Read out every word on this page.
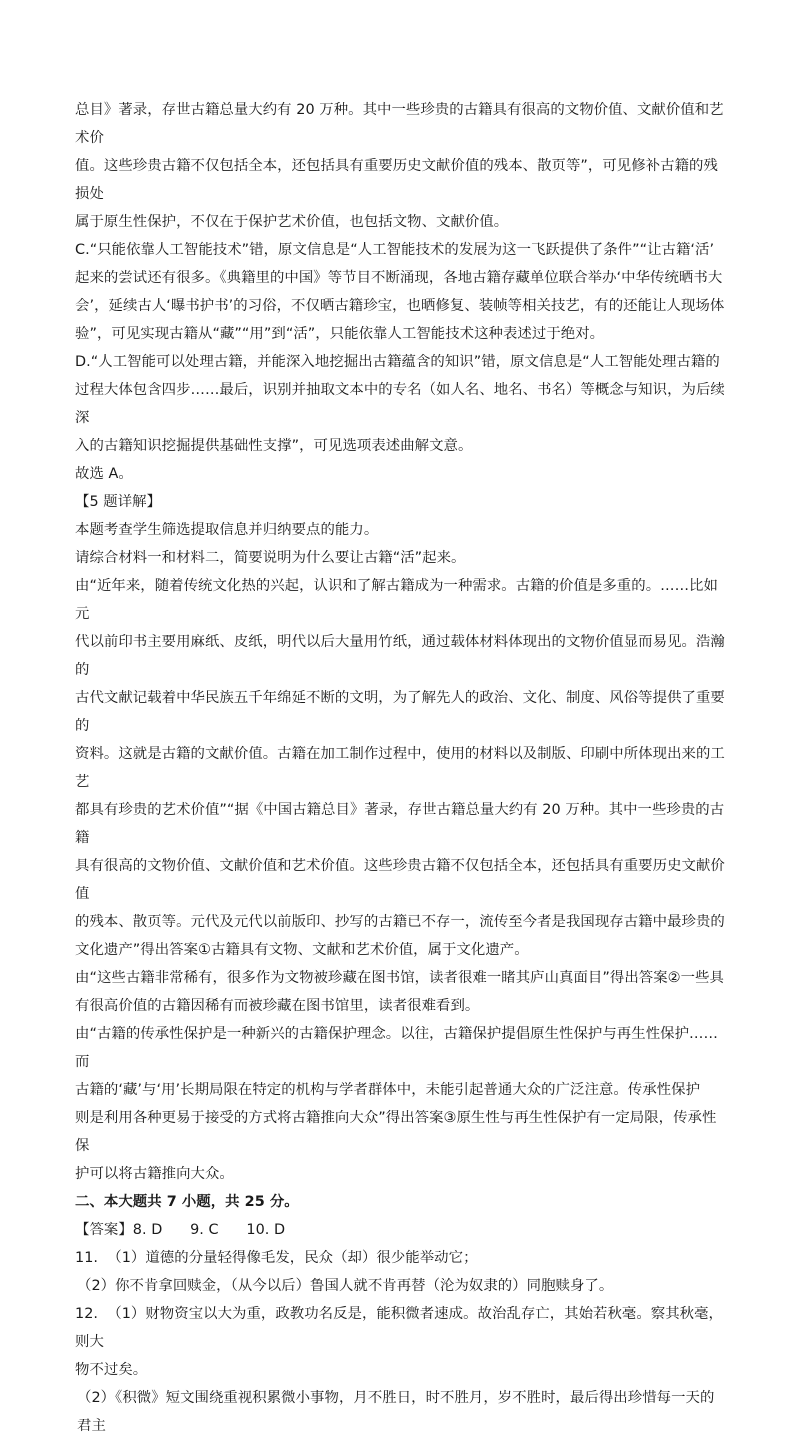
总目》著录，存世古籍总量大约有 20 万种。其中一些珍贵的古籍具有很高的文物价值、文献价值和艺术价

值。这些珍贵古籍不仅包括全本，还包括具有重要历史文献价值的残本、散页等”，可见修补古籍的残损处

属于原生性保护，不仅在于保护艺术价值，也包括文物、文献价值。

C.“只能依靠人工智能技术”错，原文信息是“人工智能技术的发展为这一飞跃提供了条件”“让古籍‘活’

起来的尝试还有很多。《典籍里的中国》等节目不断涌现，各地古籍存藏单位联合举办‘中华传统晒书大

会’，延续古人‘曝书护书’的习俗，不仅晒古籍珍宝，也晒修复、装帧等相关技艺，有的还能让人现场体

验”，可见实现古籍从“藏”“用”到“活”，只能依靠人工智能技术这种表述过于绝对。

D.“人工智能可以处理古籍，并能深入地挖掘出古籍蕴含的知识”错，原文信息是“人工智能处理古籍的

过程大体包含四步……最后，识别并抽取文本中的专名（如人名、地名、书名）等概念与知识，为后续深

入的古籍知识挖掘提供基础性支撑”，可见选项表述曲解文意。

故选 A。

【5 题详解】

本题考查学生筛选提取信息并归纳要点的能力。

请综合材料一和材料二，简要说明为什么要让古籍“活”起来。

由“近年来，随着传统文化热的兴起，认识和了解古籍成为一种需求。古籍的价值是多重的。……比如元

代以前印书主要用麻纸、皮纸，明代以后大量用竹纸，通过载体材料体现出的文物价值显而易见。浩瀚的

古代文献记载着中华民族五千年绵延不断的文明，为了解先人的政治、文化、制度、风俗等提供了重要的

资料。这就是古籍的文献价值。古籍在加工制作过程中，使用的材料以及制版、印刷中所体现出来的工艺

都具有珍贵的艺术价值”“据《中国古籍总目》著录，存世古籍总量大约有 20 万种。其中一些珍贵的古籍

具有很高的文物价值、文献价值和艺术价值。这些珍贵古籍不仅包括全本，还包括具有重要历史文献价值

的残本、散页等。元代及元代以前版印、抄写的古籍已不存一，流传至今者是我国现存古籍中最珍贵的

文化遗产”得出答案①古籍具有文物、文献和艺术价值，属于文化遗产。

由“这些古籍非常稀有，很多作为文物被珍藏在图书馆，读者很难一睹其庐山真面目”得出答案②一些具

有很高价值的古籍因稀有而被珍藏在图书馆里，读者很难看到。

由“古籍的传承性保护是一种新兴的古籍保护理念。以往，古籍保护提倡原生性保护与再生性保护……而

古籍的‘藏’与‘用’长期局限在特定的机构与学者群体中，未能引起普通大众的广泛注意。传承性保护

则是利用各种更易于接受的方式将古籍推向大众”得出答案③原生性与再生性保护有一定局限，传承性保

护可以将古籍推向大众。

二、本大题共 7 小题，共 25 分。

【答案】8. D      9. C      10. D

11.  （1）道德的分量轻得像毛发，民众（却）很少能举动它；

（2）你不肯拿回赎金，（从今以后）鲁国人就不肯再替（沦为奴隶的）同胞赎身了。

12.  （1）财物资宝以大为重，政教功名反是，能积微者速成。故治乱存亡，其始若秋毫。察其秋毫，则大

物不过矣。

（2）《积微》短文围绕重视积累微小事物，月不胜日，时不胜月，岁不胜时，最后得出珍惜每一天的君主
